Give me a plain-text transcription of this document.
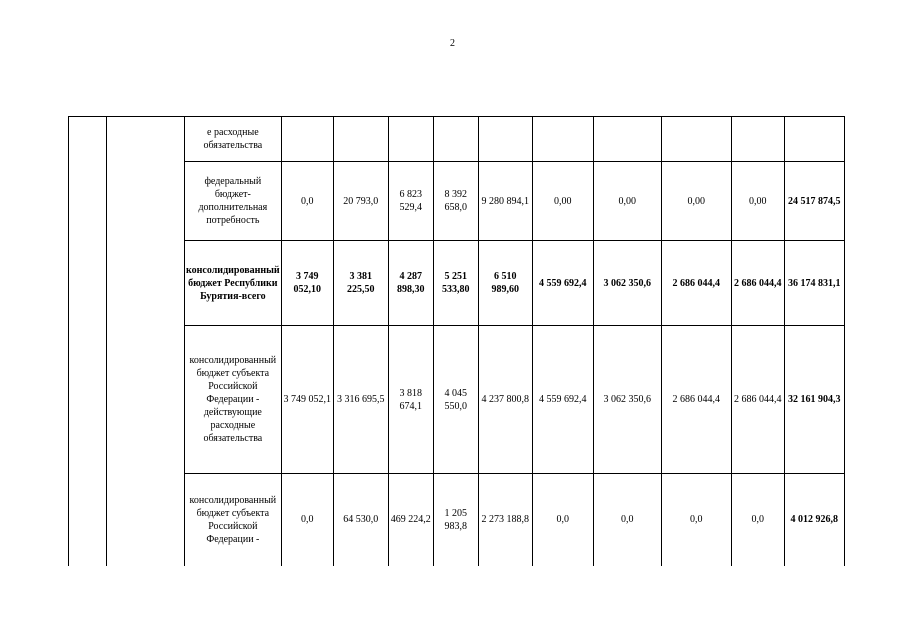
2
		е расходные обязательства										
		федеральный бюджет-дополнительная потребность	0,0	20 793,0	6 823 529,4	8 392 658,0	9 280 894,1	0,00	0,00	0,00	0,00	24 517 874,5
		консолидированный бюджет Республики Бурятия-всего	3 749 052,10	3 381 225,50	4 287 898,30	5 251 533,80	6 510 989,60	4 559 692,4	3 062 350,6	2 686 044,4	2 686 044,4	36 174 831,1
		консолидированный бюджет субъекта Российской Федерации - действующие расходные обязательства	3 749 052,1	3 316 695,5	3 818 674,1	4 045 550,0	4 237 800,8	4 559 692,4	3 062 350,6	2 686 044,4	2 686 044,4	32 161 904,3
		консолидированный бюджет субъекта Российской Федерации -	0,0	64 530,0	469 224,2	1 205 983,8	2 273 188,8	0,0	0,0	0,0	0,0	4 012 926,8
